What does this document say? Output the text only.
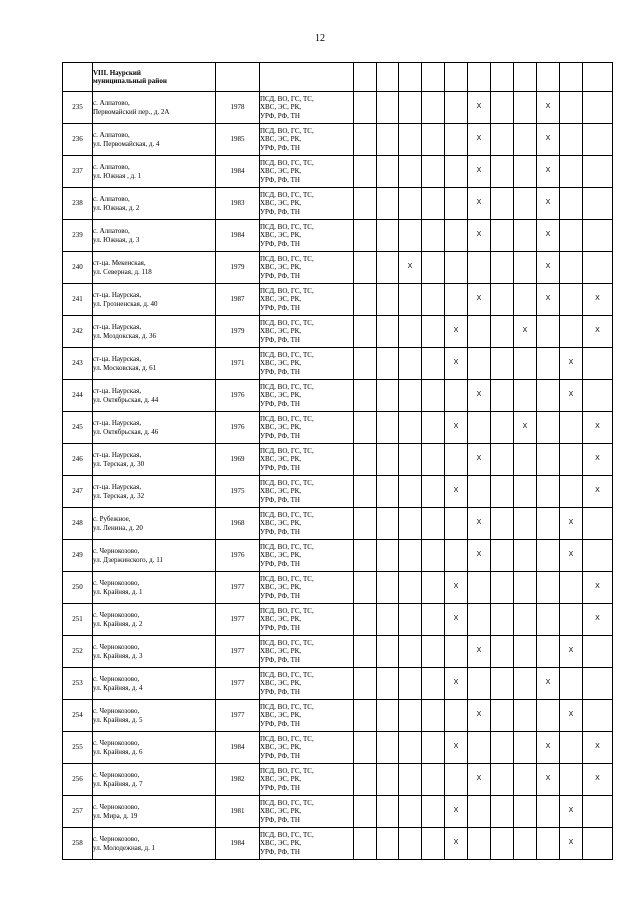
12

	VIII. Наурский
муниципальный район													

235	с. Алпатово,
Первомайский пер., д. 2А	1978	ПСД, ВО, ГС, ТС,
ХВС, ЭС, РК,
УРФ, РФ, ТН						X			X		
236	с. Алпатово,
ул. Первомайская, д. 4	1985	ПСД, ВО, ГС, ТС,
ХВС, ЭС, РК,
УРФ, РФ, ТН						X			X		
237	с. Алпатово,
ул. Южная , д. 1	1984	ПСД, ВО, ГС, ТС,
ХВС, ЭС, РК,
УРФ, РФ, ТН						X			X		
238	с. Алпатово,
ул. Южная, д. 2	1983	ПСД, ВО, ГС, ТС,
ХВС, ЭС, РК,
УРФ, РФ, ТН						X			X		
239	с. Алпатово,
ул. Южная, д. 3	1984	ПСД, ВО, ГС, ТС,
ХВС, ЭС, РК,
УРФ, РФ, ТН						X			X		
240	ст-ца. Мекенская,
ул. Северная, д. 118	1979	ПСД, ВО, ГС, ТС,
ХВС, ЭС, РК,
УРФ, РФ, ТН			X						X		
241	ст-ца. Наурская,
ул. Грозненская, д. 40	1987	ПСД, ВО, ГС, ТС,
ХВС, ЭС, РК,
УРФ, РФ, ТН						X			X		X
242	ст-ца. Наурская,
ул. Моздокская, д. 36	1979	ПСД, ВО, ГС, ТС,
ХВС, ЭС, РК,
УРФ, РФ, ТН					X			X			X
243	ст-ца. Наурская,
ул. Московская, д. 61	1971	ПСД, ВО, ГС, ТС,
ХВС, ЭС, РК,
УРФ, РФ, ТН					X					X	
244	ст-ца. Наурская,
ул. Октябрьская, д. 44	1976	ПСД, ВО, ГС, ТС,
ХВС, ЭС, РК,
УРФ, РФ, ТН						X				X	
245	ст-ца. Наурская,
ул. Октябрьская, д. 46	1976	ПСД, ВО, ГС, ТС,
ХВС, ЭС, РК,
УРФ, РФ, ТН					X			X			X
246	ст-ца. Наурская,
ул. Терская, д. 30	1969	ПСД, ВО, ГС, ТС,
ХВС, ЭС, РК,
УРФ, РФ, ТН						X					X
247	ст-ца. Наурская,
ул. Терская, д. 32	1975	ПСД, ВО, ГС, ТС,
ХВС, ЭС, РК,
УРФ, РФ, ТН					X						X
248	с. Рубежное,
ул. Ленина, д. 20	1968	ПСД, ВО, ГС, ТС,
ХВС, ЭС, РК,
УРФ, РФ, ТН						X				X	
249	с. Чернокозово,
ул. Дзержинского, д. 11	1976	ПСД, ВО, ГС, ТС,
ХВС, ЭС, РК,
УРФ, РФ, ТН						X				X	
250	с. Чернокозово,
ул. Крайняя, д. 1	1977	ПСД, ВО, ГС, ТС,
ХВС, ЭС, РК,
УРФ, РФ, ТН					X						X
251	с. Чернокозово,
ул. Крайняя, д. 2	1977	ПСД, ВО, ГС, ТС,
ХВС, ЭС, РК,
УРФ, РФ, ТН					X						X
252	с. Чернокозово,
ул. Крайняя, д. 3	1977	ПСД, ВО, ГС, ТС,
ХВС, ЭС, РК,
УРФ, РФ, ТН						X				X	
253	с. Чернокозово,
ул. Крайняя, д. 4	1977	ПСД, ВО, ГС, ТС,
ХВС, ЭС, РК,
УРФ, РФ, ТН					X				X		
254	с. Чернокозово,
ул. Крайняя, д. 5	1977	ПСД, ВО, ГС, ТС,
ХВС, ЭС, РК,
УРФ, РФ, ТН						X				X	
255	с. Чернокозово,
ул. Крайняя, д. 6	1984	ПСД, ВО, ГС, ТС,
ХВС, ЭС, РК,
УРФ, РФ, ТН					X				X		X
256	с. Чернокозово,
ул. Крайняя, д. 7	1982	ПСД, ВО, ГС, ТС,
ХВС, ЭС, РК,
УРФ, РФ, ТН						X			X		X
257	с. Чернокозово,
ул. Мира, д. 19	1981	ПСД, ВО, ГС, ТС,
ХВС, ЭС, РК,
УРФ, РФ, ТН					X					X	
258	с. Чернокозово,
ул. Молодежная, д. 1	1984	ПСД, ВО, ГС, ТС,
ХВС, ЭС, РК,
УРФ, РФ, ТН					X					X	
